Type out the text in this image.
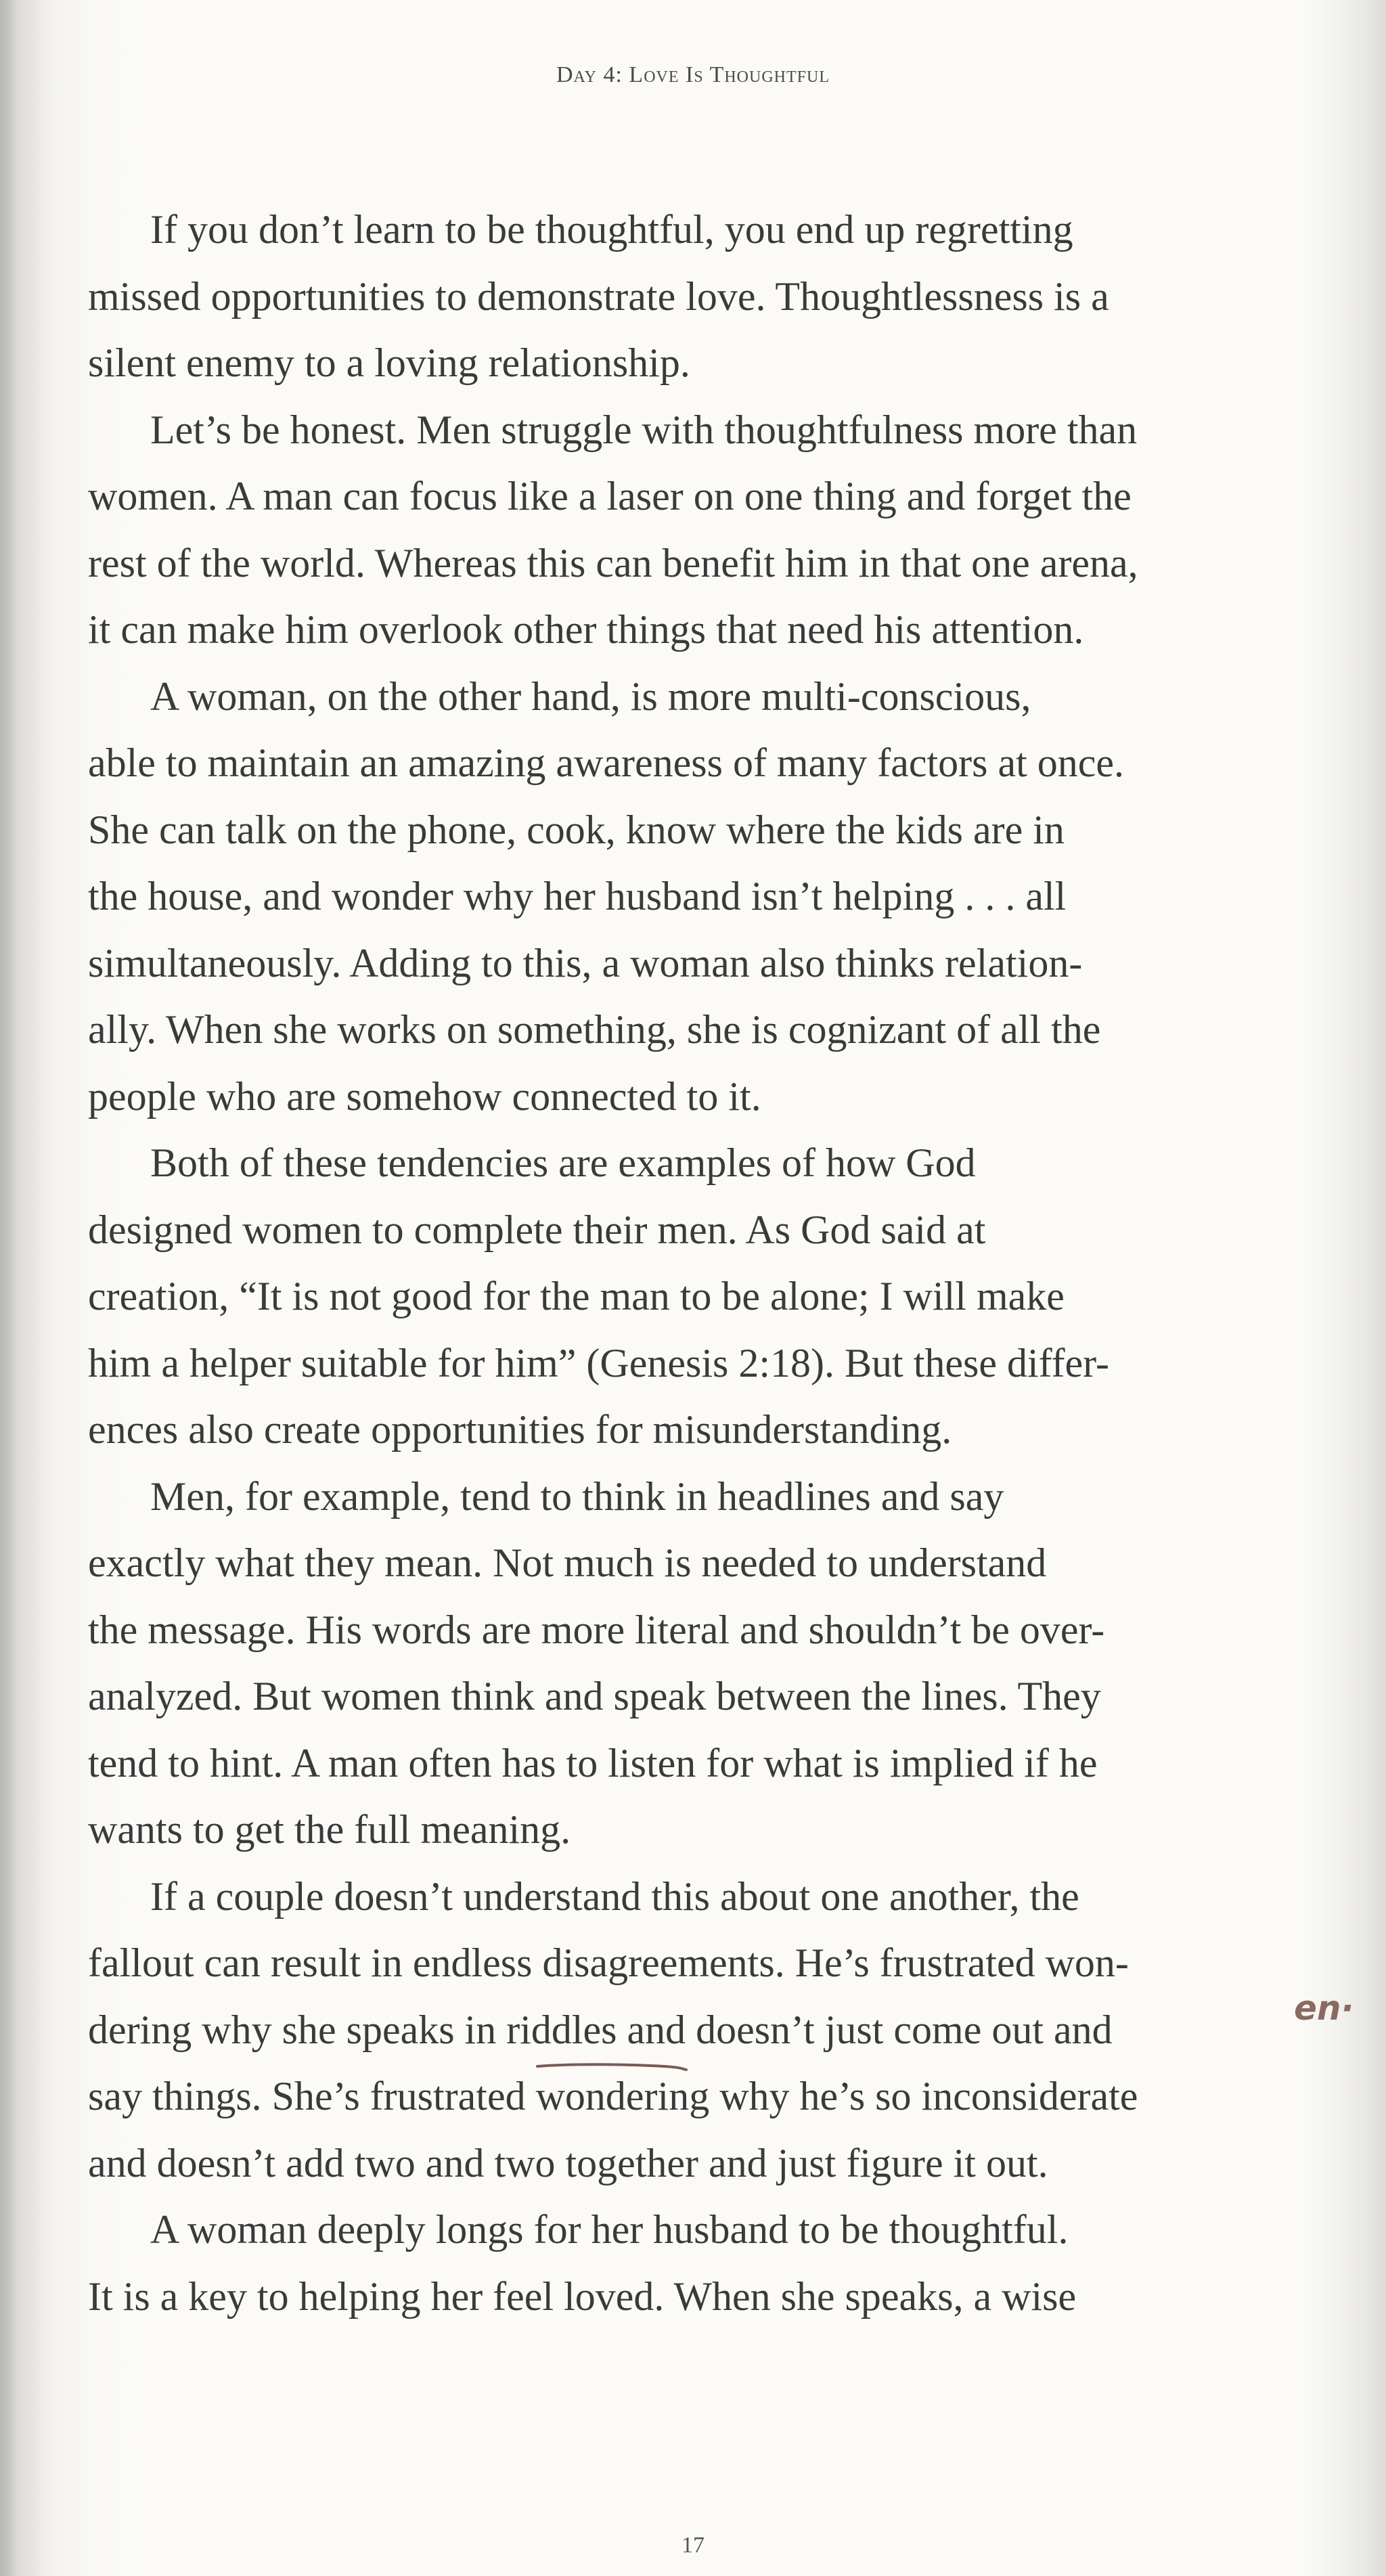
Day 4: Love Is Thoughtful
If you don’t learn to be thoughtful, you end up regretting
missed opportunities to demonstrate love. Thoughtlessness is a
silent enemy to a loving relationship.
Let’s be honest. Men struggle with thoughtfulness more than
women. A man can focus like a laser on one thing and forget the
rest of the world. Whereas this can benefit him in that one arena,
it can make him overlook other things that need his attention.
A woman, on the other hand, is more multi-conscious,
able to maintain an amazing awareness of many factors at once.
She can talk on the phone, cook, know where the kids are in
the house, and wonder why her husband isn’t helping . . . all
simultaneously. Adding to this, a woman also thinks relation-
ally. When she works on something, she is cognizant of all the
people who are somehow connected to it.
Both of these tendencies are examples of how God
designed women to complete their men. As God said at
creation, “It is not good for the man to be alone; I will make
him a helper suitable for him” (Genesis 2:18). But these differ-
ences also create opportunities for misunderstanding.
Men, for example, tend to think in headlines and say
exactly what they mean. Not much is needed to understand
the message. His words are more literal and shouldn’t be over-
analyzed. But women think and speak between the lines. They
tend to hint. A man often has to listen for what is implied if he
wants to get the full meaning.
If a couple doesn’t understand this about one another, the
fallout can result in endless disagreements. He’s frustrated won-
dering why she speaks in riddles and doesn’t just come out and
say things. She’s frustrated wondering why he’s so inconsiderate
and doesn’t add two and two together and just figure it out.
A woman deeply longs for her husband to be thoughtful.
It is a key to helping her feel loved. When she speaks, a wise
en·
17
